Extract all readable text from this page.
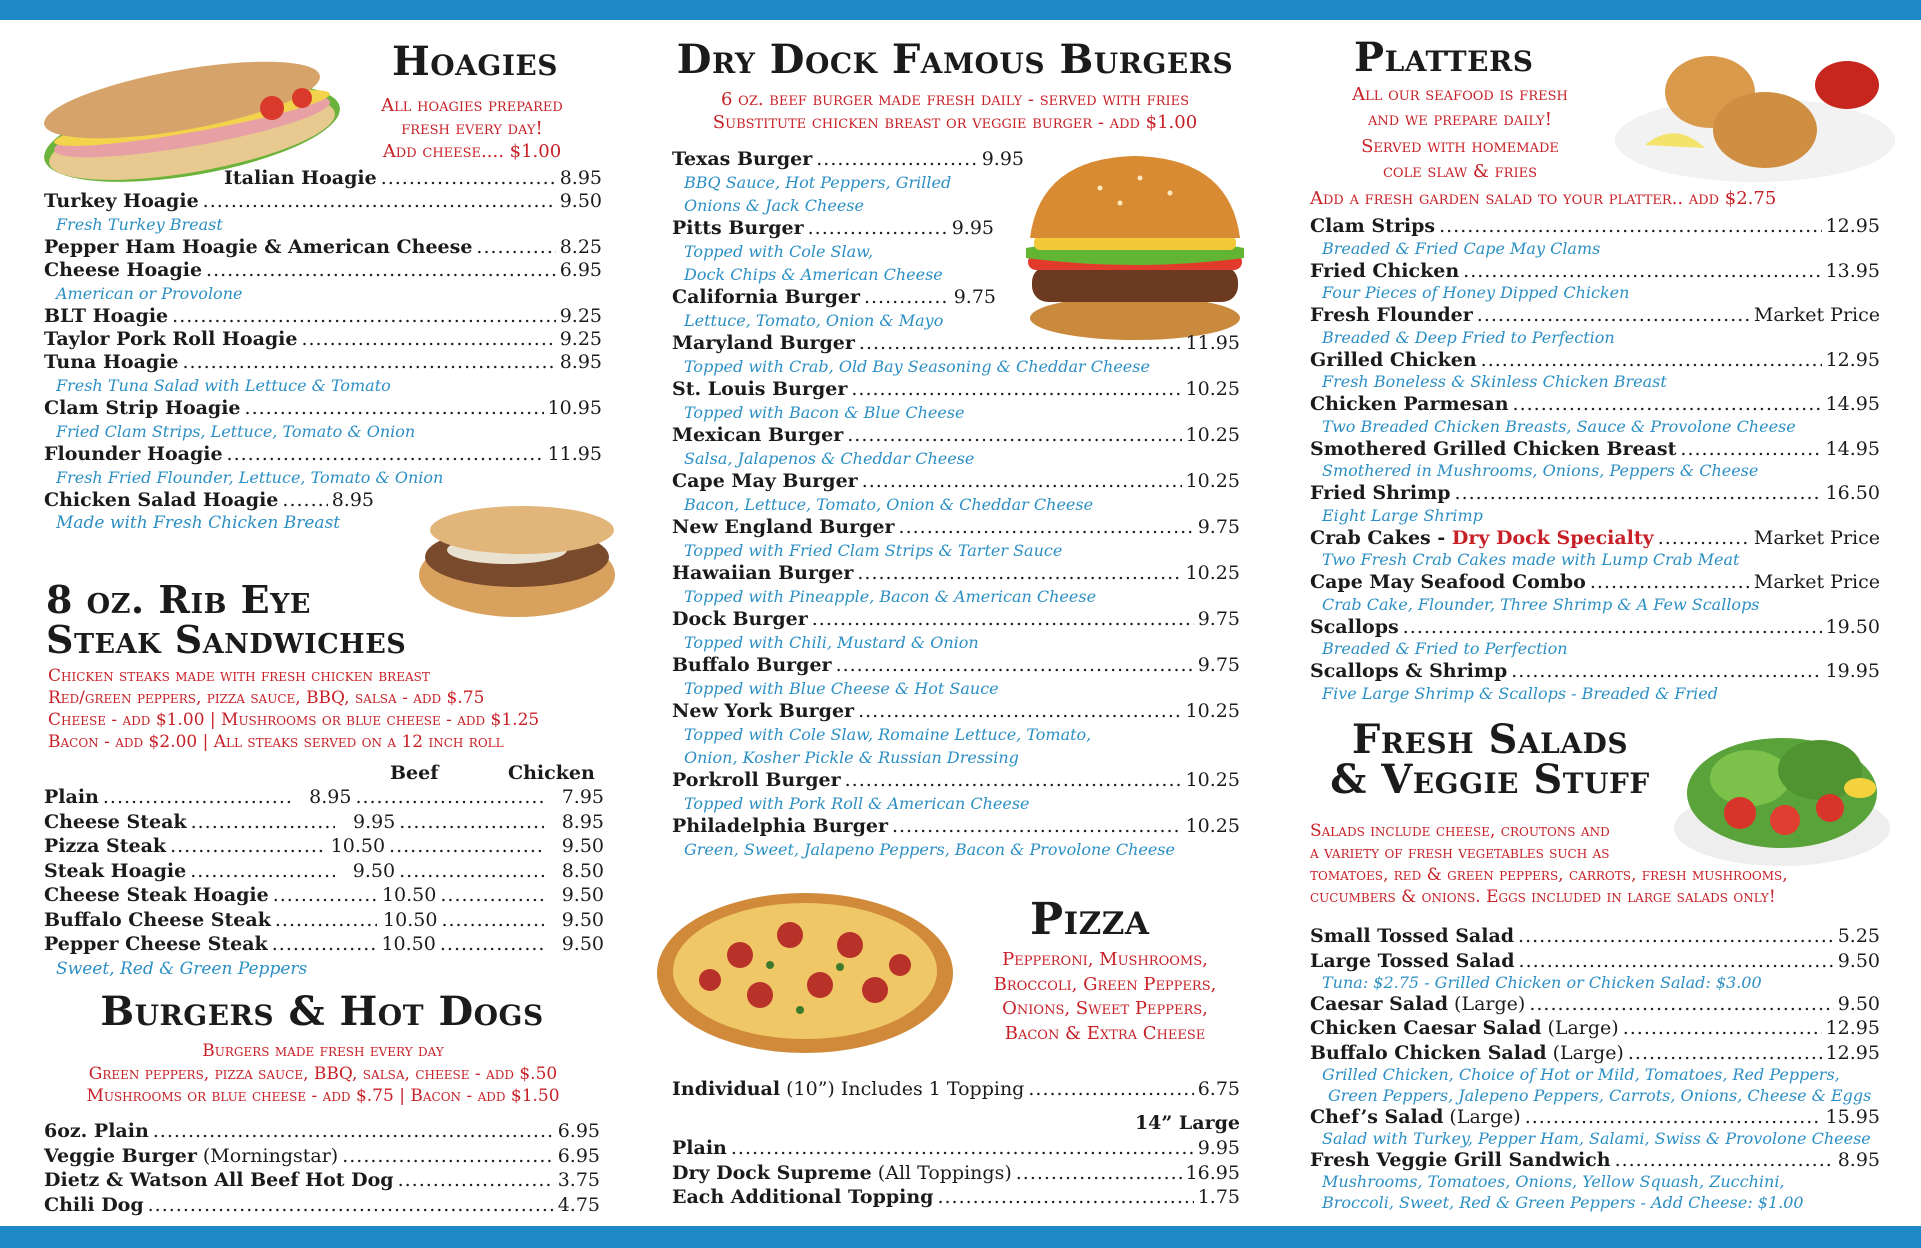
Hoagies
All hoagies prepared
fresh every day!
Add cheese.... $1.00
Italian Hoagie .....	8.95
Turkey Hoagie .....	9.50
Fresh Turkey Breast
Pepper Ham Hoagie & American Cheese .....	8.25
Cheese Hoagie .....	6.95
American or Provolone
BLT Hoagie .....	9.25
Taylor Pork Roll Hoagie .....	9.25
Tuna Hoagie .....	8.95
Fresh Tuna Salad with Lettuce & Tomato
Clam Strip Hoagie .....	10.95
Fried Clam Strips, Lettuce, Tomato & Onion
Flounder Hoagie .....	11.95
Fresh Fried Flounder, Lettuce, Tomato & Onion
Chicken Salad Hoagie .....	8.95
Made with Fresh Chicken Breast
8 oz. Rib Eye
Steak Sandwiches
Chicken steaks made with fresh chicken breast
Red/green peppers, pizza sauce, BBQ, salsa - add $.75
Cheese - add $1.00 | Mushrooms or blue cheese - add $1.25
Bacon - add $2.00 | All steaks served on a 12 inch roll
Beef	Chicken
Plain .....	8.95 .....	7.95
Cheese Steak .....	9.95 .....	8.95
Pizza Steak .....	10.50 .....	9.50
Steak Hoagie .....	9.50 .....	8.50
Cheese Steak Hoagie .....	10.50 .....	9.50
Buffalo Cheese Steak .....	10.50 .....	9.50
Pepper Cheese Steak .....	10.50 .....	9.50
Sweet, Red & Green Peppers
Burgers & Hot Dogs
Burgers made fresh every day
Green peppers, pizza sauce, BBQ, salsa, cheese - add $.50
Mushrooms or blue cheese - add $.75 | Bacon - add $1.50
6oz. Plain .....	6.95
Veggie Burger (Morningstar) .....	6.95
Dietz & Watson All Beef Hot Dog .....	3.75
Chili Dog .....	4.75
Dry Dock Famous Burgers
6 oz. beef burger made fresh daily - served with fries
Substitute chicken breast or veggie burger - add $1.00
Texas Burger .....	9.95
BBQ Sauce, Hot Peppers, Grilled
Onions & Jack Cheese
Pitts Burger .....	9.95
Topped with Cole Slaw,
Dock Chips & American Cheese
California Burger .....	9.75
Lettuce, Tomato, Onion & Mayo
Maryland Burger .....	11.95
Topped with Crab, Old Bay Seasoning & Cheddar Cheese
St. Louis Burger .....	10.25
Topped with Bacon & Blue Cheese
Mexican Burger .....	10.25
Salsa, Jalapenos & Cheddar Cheese
Cape May Burger .....	10.25
Bacon, Lettuce, Tomato, Onion & Cheddar Cheese
New England Burger .....	9.75
Topped with Fried Clam Strips & Tarter Sauce
Hawaiian Burger .....	10.25
Topped with Pineapple, Bacon & American Cheese
Dock Burger .....	9.75
Topped with Chili, Mustard & Onion
Buffalo Burger .....	9.75
Topped with Blue Cheese & Hot Sauce
New York Burger .....	10.25
Topped with Cole Slaw, Romaine Lettuce, Tomato,
Onion, Kosher Pickle & Russian Dressing
Porkroll Burger .....	10.25
Topped with Pork Roll & American Cheese
Philadelphia Burger .....	10.25
Green, Sweet, Jalapeno Peppers, Bacon & Provolone Cheese
Pizza
Pepperoni, Mushrooms,
Broccoli, Green Peppers,
Onions, Sweet Peppers,
Bacon & Extra Cheese
Individual (10”) Includes 1 Topping .....	6.75
14” Large
Plain .....	9.95
Dry Dock Supreme (All Toppings) .....	16.95
Each Additional Topping .....	1.75
Platters
All our seafood is fresh
and we prepare daily!
Served with homemade
cole slaw & fries
Add a fresh garden salad to your platter.. add $2.75
Clam Strips .....	12.95
Breaded & Fried Cape May Clams
Fried Chicken .....	13.95
Four Pieces of Honey Dipped Chicken
Fresh Flounder .....	Market Price
Breaded & Deep Fried to Perfection
Grilled Chicken .....	12.95
Fresh Boneless & Skinless Chicken Breast
Chicken Parmesan .....	14.95
Two Breaded Chicken Breasts, Sauce & Provolone Cheese
Smothered Grilled Chicken Breast .....	14.95
Smothered in Mushrooms, Onions, Peppers & Cheese
Fried Shrimp .....	16.50
Eight Large Shrimp
Crab Cakes - Dry Dock Specialty .....	Market Price
Two Fresh Crab Cakes made with Lump Crab Meat
Cape May Seafood Combo .....	Market Price
Crab Cake, Flounder, Three Shrimp & A Few Scallops
Scallops .....	19.50
Breaded & Fried to Perfection
Scallops & Shrimp .....	19.95
Five Large Shrimp & Scallops - Breaded & Fried
Fresh Salads
& Veggie Stuff
Salads include cheese, croutons and
a variety of fresh vegetables such as
tomatoes, red & green peppers, carrots, fresh mushrooms,
cucumbers & onions. Eggs included in large salads only!
Small Tossed Salad .....	5.25
Large Tossed Salad .....	9.50
Tuna: $2.75 - Grilled Chicken or Chicken Salad: $3.00
Caesar Salad (Large) .....	9.50
Chicken Caesar Salad (Large) .....	12.95
Buffalo Chicken Salad (Large) .....	12.95
Grilled Chicken, Choice of Hot or Mild, Tomatoes, Red Peppers,
Green Peppers, Jalepeno Peppers, Carrots, Onions, Cheese & Eggs
Chef’s Salad (Large) .....	15.95
Salad with Turkey, Pepper Ham, Salami, Swiss & Provolone Cheese
Fresh Veggie Grill Sandwich .....	8.95
Mushrooms, Tomatoes, Onions, Yellow Squash, Zucchini,
Broccoli, Sweet, Red & Green Peppers - Add Cheese: $1.00
